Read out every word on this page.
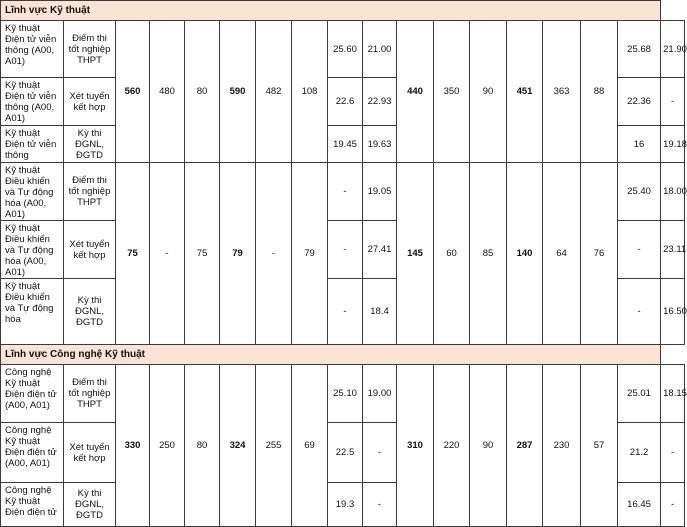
Lĩnh vực Kỹ thuật																	
Kỹ thuật Điện tử viễn thông (A00, A01)	Điểm thi tốt nghiệp THPT	560	480	80	590	482	108	25.60	21.00	440	350	90	451	363	88	25.68	21.90
Kỹ thuật Điện tử viễn thông (A00, A01)	Xét tuyển kết hợp							22.6	22.93							22.36	-
Kỹ thuật Điện tử viễn thông	Kỳ thi ĐGNL, ĐGTD							19.45	19.63							16	19.18
Kỹ thuật Điều khiển và Tự động hóa (A00, A01)	Điểm thi tốt nghiệp THPT	75	-	75	79	-	79	-	19.05	145	60	85	140	64	76	25.40	18.00
Kỹ thuật Điều khiển và Tự động hóa (A00, A01)	Xét tuyển kết hợp							-	27.41							-	23.11
Kỹ thuật Điều khiển và Tự động hóa	Kỳ thi ĐGNL, ĐGTD							-	18.4							-	16.50
Lĩnh vực Công nghệ Kỹ thuật																	
Công nghệ Kỹ thuật Điện điện tử (A00, A01)	Điểm thi tốt nghiệp THPT	330	250	80	324	255	69	25.10	19.00	310	220	90	287	230	57	25.01	18.15
Công nghệ Kỹ thuật Điện điện tử (A00, A01)	Xét tuyển kết hợp							22.5	-							21.2	-
Công nghệ Kỹ thuật Điện điện tử	Kỳ thi ĐGNL, ĐGTD							19.3	-							16.45	-
